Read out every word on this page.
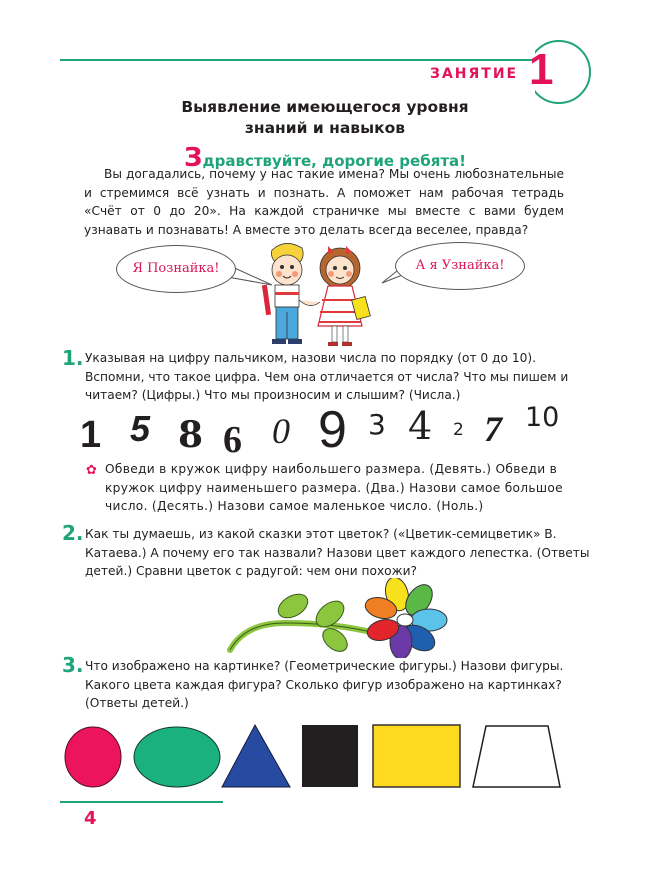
ЗАНЯТИЕ 1
Выявление имеющегося уровня
знаний и навыков
Здравствуйте, дорогие ребята!

Вы догадались, почему у нас такие имена? Мы очень любознательные и стремимся всё узнать и познать. А поможет нам рабочая тетрадь «Счёт от 0 до 20». На каждой страничке мы вместе с вами будем узнавать и познавать! А вместе это делать всегда веселее, правда?

Я Познайка!	А я Узнайка!
1. Указывая на цифру пальчиком, назови числа по порядку (от 0 до 10). Вспомни, что такое цифра. Чем она отличается от числа? Что мы пишем и читаем? (Цифры.) Что мы произносим и слышим? (Числа.)
1 5 8 6 0 9 3 4 2 7 10
✿ Обведи в кружок цифру наибольшего размера. (Девять.) Обведи в кружок цифру наименьшего размера. (Два.) Назови самое большое число. (Десять.) Назови самое маленькое число. (Ноль.)
2. Как ты думаешь, из какой сказки этот цветок? («Цветик-семицветик» В. Катаева.) А почему его так назвали? Назови цвет каждого лепестка. (Ответы детей.) Сравни цветок с радугой: чем они похожи?
3. Что изображено на картинке? (Геометрические фигуры.) Назови фигуры. Какого цвета каждая фигура? Сколько фигур изображено на картинках? (Ответы детей.)
4
